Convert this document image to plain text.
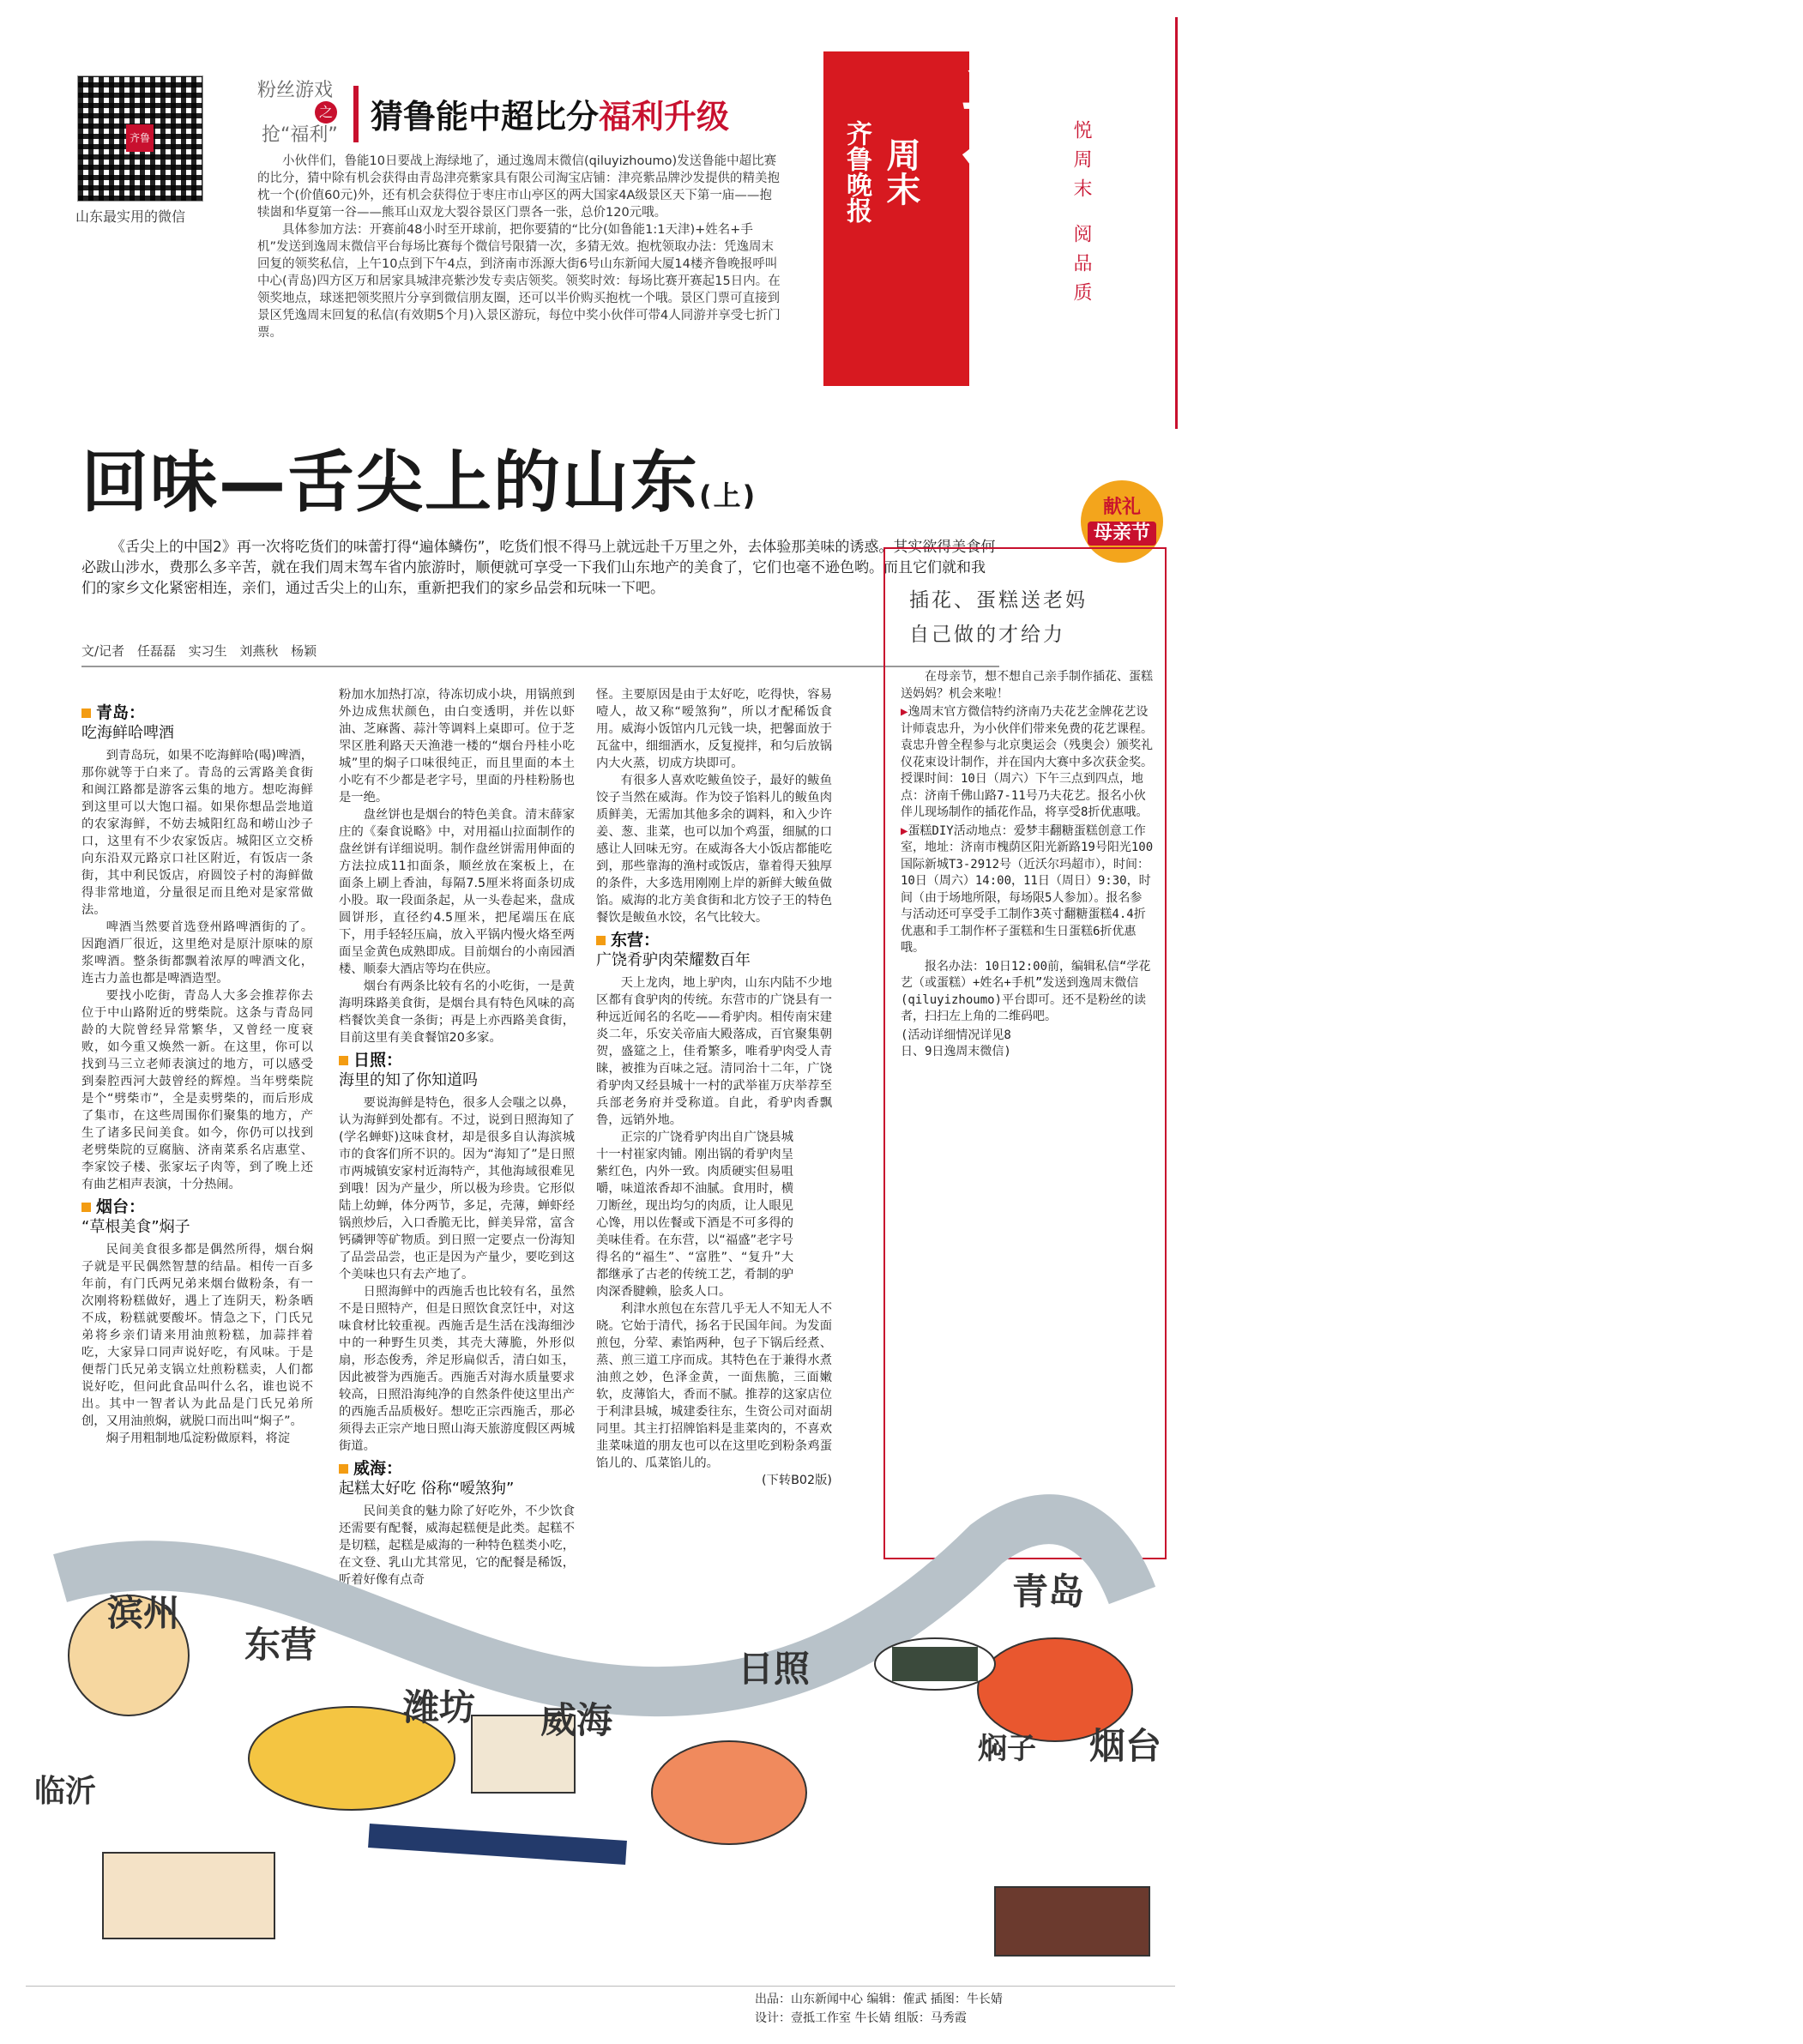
齐鲁
山东最实用的微信
粉丝游戏
之
抢“福利” 猜鲁能中超比分福利升级

小伙伴们，鲁能10日要战上海绿地了，通过逸周末微信(qiluyizhoumo)发送鲁能中超比赛的比分，猜中除有机会获得由青岛津亮紫家具有限公司淘宝店铺：津亮紫品牌沙发提供的精美抱枕一个(价值60元)外，还有机会获得位于枣庄市山亭区的两大国家4A级景区天下第一庙——抱犊崮和华夏第一谷——熊耳山双龙大裂谷景区门票各一张，总价120元哦。

具体参加方法：开赛前48小时至开球前，把你要猜的“比分(如鲁能1:1天津)+姓名+手机”发送到逸周末微信平台每场比赛每个微信号限猜一次，多猜无效。抱枕领取办法：凭逸周末回复的领奖私信，上午10点到下午4点，到济南市泺源大街6号山东新闻大厦14楼齐鲁晚报呼叫中心(青岛)四方区万和居家具城津亮紫沙发专卖店领奖。领奖时效：每场比赛开赛起15日内。在领奖地点，球迷把领奖照片分享到微信朋友圈，还可以半价购买抱枕一个哦。景区门票可直接到景区凭逸周末回复的私信(有效期5个月)入景区游玩，每位中奖小伙伴可带4人同游并享受七折门票。

齐鲁晚报 周末
星期五 2014.5.9
B01-B03
逸
悦周末 阅品质
回味—舌尖上的山东(上)	献礼
母亲节
《舌尖上的中国2》再一次将吃货们的味蕾打得“遍体鳞伤”，吃货们恨不得马上就远赴千万里之外，去体验那美味的诱惑。其实欲得美食何必跋山涉水，费那么多辛苦，就在我们周末驾车省内旅游时，顺便就可享受一下我们山东地产的美食了，它们也毫不逊色哟。而且它们就和我们的家乡文化紧密相连，亲们，通过舌尖上的山东，重新把我们的家乡品尝和玩味一下吧。
文/记者 任磊磊 实习生 刘燕秋 杨颖
青岛：
吃海鲜哈啤酒

到青岛玩，如果不吃海鲜哈(喝)啤酒，那你就等于白来了。青岛的云霄路美食街和闽江路都是游客云集的地方。想吃海鲜到这里可以大饱口福。如果你想品尝地道的农家海鲜，不妨去城阳红岛和崂山沙子口，这里有不少农家饭店。城阳区立交桥向东沿双元路京口社区附近，有饭店一条街，其中利民饭店，府圆饺子村的海鲜做得非常地道，分量很足而且绝对是家常做法。

啤酒当然要首选登州路啤酒街的了。因跑酒厂很近，这里绝对是原汁原味的原浆啤酒。整条街都飘着浓厚的啤酒文化，连古力盖也都是啤酒造型。

要找小吃街，青岛人大多会推荐你去位于中山路附近的劈柴院。这条与青岛同龄的大院曾经异常繁华，又曾经一度衰败，如今重又焕然一新。在这里，你可以找到马三立老师表演过的地方，可以感受到秦腔西河大鼓曾经的辉煌。当年劈柴院是个“劈柴市”，全是卖劈柴的，而后形成了集市，在这些周围你们聚集的地方，产生了诸多民间美食。如今，你仍可以找到老劈柴院的豆腐脑、济南菜系名店惠堂、李家饺子楼、张家坛子肉等，到了晚上还有曲艺相声表演，十分热闹。

烟台：
“草根美食”焖子

民间美食很多都是偶然所得，烟台焖子就是平民偶然智慧的结晶。相传一百多年前，有门氏两兄弟来烟台做粉条，有一次刚将粉糕做好，遇上了连阴天，粉条晒不成，粉糕就要酸坏。情急之下，门氏兄弟将乡亲们请来用油煎粉糕，加蒜拌着吃，大家异口同声说好吃，有风味。于是便帮门氏兄弟支锅立灶煎粉糕卖，人们都说好吃，但问此食品叫什么名，谁也说不出。其中一智者认为此品是门氏兄弟所创，又用油煎焖，就脱口而出叫“焖子”。

焖子用粗制地瓜淀粉做原料，将淀

粉加水加热打凉，待冻切成小块，用锅煎到外边成焦状颜色，由白变透明，并佐以虾油、芝麻酱、蒜汁等调料上桌即可。位于芝罘区胜利路天天渔港一楼的“烟台丹桂小吃城”里的焖子口味很纯正，而且里面的本土小吃有不少都是老字号，里面的丹桂粉肠也是一绝。

盘丝饼也是烟台的特色美食。清末薛家庄的《秦食说略》中，对用福山拉面制作的盘丝饼有详细说明。制作盘丝饼需用伸面的方法拉成11扣面条，顺丝放在案板上，在面条上刷上香油，每隔7.5厘米将面条切成小股。取一段面条起，从一头卷起来，盘成圆饼形，直径约4.5厘米，把尾端压在底下，用手轻轻压扁，放入平锅内慢火烙至两面呈金黄色成熟即成。目前烟台的小南园酒楼、顺泰大酒店等均在供应。

烟台有两条比较有名的小吃街，一是黄海明珠路美食街，是烟台具有特色风味的高档餐饮美食一条街；再是上亦西路美食街，目前这里有美食餐馆20多家。

日照：
海里的知了你知道吗

要说海鲜是特色，很多人会嗤之以鼻，认为海鲜到处都有。不过，说到日照海知了(学名蝉虾)这味食材，却是很多自认海滨城市的食客们所不识的。因为“海知了”是日照市两城镇安家村近海特产，其他海域很难见到哦！因为产量少，所以极为珍贵。它形似陆上幼蝉，体分两节，多足，壳薄，蝉虾经锅煎炒后，入口香脆无比，鲜美异常，富含钙磷钾等矿物质。到日照一定要点一份海知了品尝品尝，也正是因为产量少，要吃到这个美味也只有去产地了。

日照海鲜中的西施舌也比较有名，虽然不是日照特产，但是日照饮食烹饪中，对这味食材比较重视。西施舌是生活在浅海细沙中的一种野生贝类，其壳大薄脆，外形似扇，形态俊秀，斧足形扁似舌，清白如玉，因此被誉为西施舌。西施舌对海水质量要求较高，日照沿海纯净的自然条件使这里出产的西施舌品质极好。想吃正宗西施舌，那必须得去正宗产地日照山海天旅游度假区两城街道。

威海：
起糕太好吃 俗称“嗳煞狗”

民间美食的魅力除了好吃外，不少饮食还需要有配餐，威海起糕便是此类。起糕不是切糕，起糕是威海的一种特色糕类小吃，在文登、乳山尤其常见，它的配餐是稀饭，听着好像有点奇

怪。主要原因是由于太好吃，吃得快，容易噎人，故又称“嗳煞狗”，所以才配稀饭食用。威海小饭馆内几元钱一块，把馨面放于瓦盆中，细细洒水，反复搅拌，和匀后放锅内大火蒸，切成方块即可。

有很多人喜欢吃鲅鱼饺子，最好的鲅鱼饺子当然在威海。作为饺子馅料儿的鲅鱼肉质鲜美，无需加其他多余的调料，和入少许姜、葱、韭菜，也可以加个鸡蛋，细腻的口感让人回味无穷。在威海各大小饭店都能吃到，那些靠海的渔村或饭店，靠着得天独厚的条件，大多选用刚刚上岸的新鲜大鲅鱼做馅。威海的北方美食街和北方饺子王的特色餐饮是鲅鱼水饺，名气比较大。

东营：
广饶肴驴肉荣耀数百年

天上龙肉，地上驴肉，山东内陆不少地区都有食驴肉的传统。东营市的广饶县有一种远近闻名的名吃——肴驴肉。相传南宋建炎二年，乐安关帝庙大殿落成，百官聚集朝贺，盛筵之上，佳肴繁多，唯肴驴肉受人青睐，被推为百味之冠。清同治十二年，广饶肴驴肉又经县城十一村的武举崔万庆举荐至兵部老务府并受称道。自此，肴驴肉香飘鲁，远销外地。

正宗的广饶肴驴肉出自广饶县城十一村崔家肉铺。刚出锅的肴驴肉呈紫红色，内外一致。肉质硬实但易咀嚼，味道浓香却不油腻。食用时，横刀断丝，现出均匀的肉质，让人眼见心馋，用以佐餐或下酒是不可多得的美味佳肴。在东营，以“福盛”老字号得名的“福生”、“富胜”、“复升”大都继承了古老的传统工艺，肴制的驴肉深香腱赖，脍炙人口。

利津水煎包在东营几乎无人不知无人不晓。它始于清代，扬名于民国年间。为发面煎包，分荤、素馅两种，包子下锅后经煮、蒸、煎三道工序而成。其特色在于兼得水煮油煎之妙，色泽金黄，一面焦脆，三面嫩软，皮薄馅大，香而不腻。推荐的这家店位于利津县城，城建委往东，生资公司对面胡同里。其主打招牌馅料是韭菜肉的，不喜欢韭菜味道的朋友也可以在这里吃到粉条鸡蛋馅儿的、瓜菜馅儿的。

(下转B02版)
插花、蛋糕送老妈
自己做的才给力

在母亲节，想不想自己亲手制作插花、蛋糕送妈妈？机会来啦！

▶逸周末官方微信特约济南乃夫花艺金牌花艺设计师袁忠升，为小伙伴们带来免费的花艺课程。袁忠升曾全程参与北京奥运会（残奥会）颁奖礼仪花束设计制作，并在国内大赛中多次获金奖。授课时间：10日（周六）下午三点到四点，地点：济南千佛山路7-11号乃夫花艺。报名小伙伴儿现场制作的插花作品，将享受8折优惠哦。

▶蛋糕DIY活动地点：爱梦丰翻糖蛋糕创意工作室，地址：济南市槐荫区阳光新路19号阳光100国际新城T3-2912号（近沃尔玛超市），时间：10日（周六）14:00，11日（周日）9:30，时间（由于场地所限，每场限5人参加）。报名参与活动还可享受手工制作3英寸翻糖蛋糕4.4折优惠和手工制作杯子蛋糕和生日蛋糕6折优惠哦。

报名办法：10日12:00前，编辑私信“学花艺（或蛋糕）+姓名+手机”发送到逸周末微信(qiluyizhoumo)平台即可。还不是粉丝的读者，扫扫左上角的二维码吧。

(活动详细情况详见8日、9日逸周末微信)

滨州
东营
潍坊 威海
日照
青岛
烟台
临沂
焖子
出品：山东新闻中心 编辑：傕武 插图：牛长婧
设计：壹抵工作室 牛长婧 组版：马秀霞
